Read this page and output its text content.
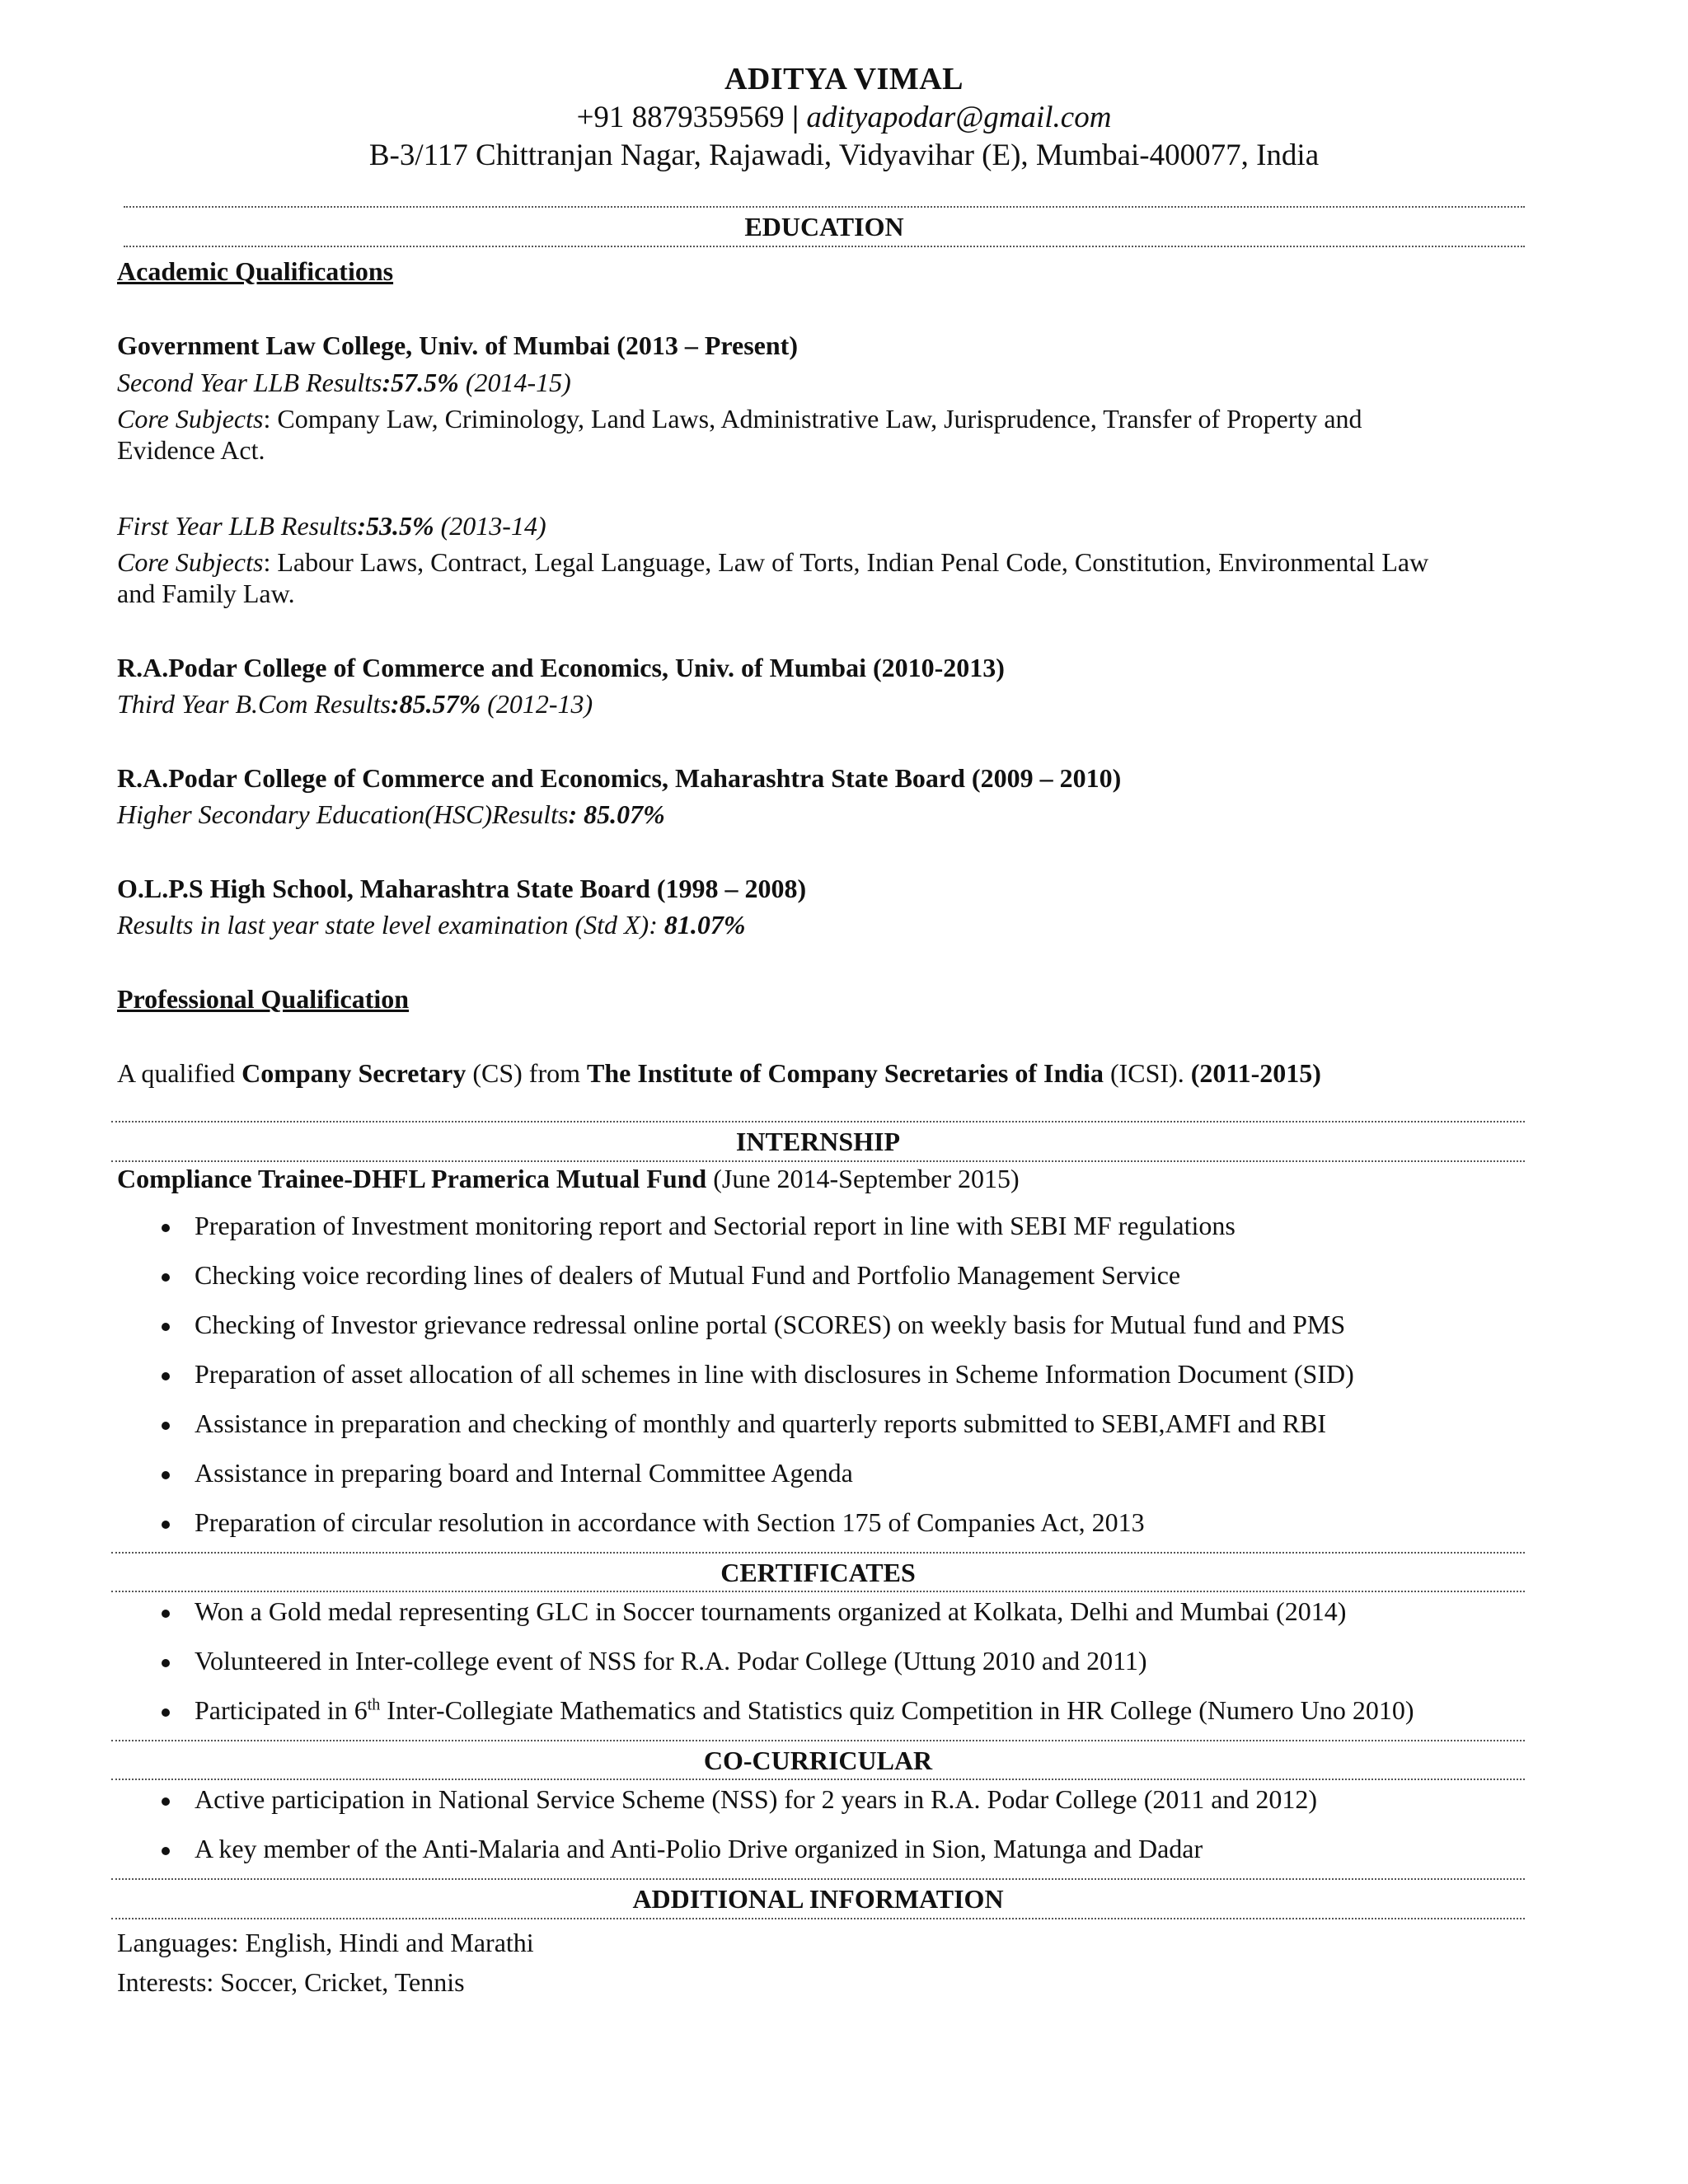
ADITYA VIMAL
+91 8879359569 | adityapodar@gmail.com
B-3/117 Chittranjan Nagar, Rajawadi, Vidyavihar (E), Mumbai-400077, India
EDUCATION
Academic Qualifications
Government Law College, Univ. of Mumbai (2013 – Present)
Second Year LLB Results:57.5% (2014-15)
Core Subjects: Company Law, Criminology, Land Laws, Administrative Law, Jurisprudence, Transfer of Property and
Evidence Act.
First Year LLB Results:53.5% (2013-14)
Core Subjects: Labour Laws, Contract, Legal Language, Law of Torts, Indian Penal Code, Constitution, Environmental Law
and Family Law.
R.A.Podar College of Commerce and Economics, Univ. of Mumbai (2010-2013)
Third Year B.Com Results:85.57% (2012-13)
R.A.Podar College of Commerce and Economics, Maharashtra State Board (2009 – 2010)
Higher Secondary Education(HSC)Results: 85.07%
O.L.P.S High School, Maharashtra State Board (1998 – 2008)
Results in last year state level examination (Std X): 81.07%
Professional Qualification
A qualified Company Secretary (CS) from The Institute of Company Secretaries of India (ICSI). (2011-2015)
INTERNSHIP
Compliance Trainee-DHFL Pramerica Mutual Fund (June 2014-September 2015)
Preparation of Investment monitoring report and Sectorial report in line with SEBI MF regulations
Checking voice recording lines of dealers of Mutual Fund and Portfolio Management Service
Checking of Investor grievance redressal online portal (SCORES) on weekly basis for Mutual fund and PMS
Preparation of asset allocation of all schemes in line with disclosures in Scheme Information Document (SID)
Assistance in preparation and checking of monthly and quarterly reports submitted to SEBI,AMFI and RBI
Assistance in preparing board and Internal Committee Agenda
Preparation of circular resolution in accordance with Section 175 of Companies Act, 2013
CERTIFICATES
Won a Gold medal representing GLC in Soccer tournaments organized at Kolkata, Delhi and Mumbai (2014)
Volunteered in Inter-college event of NSS for R.A. Podar College (Uttung 2010 and 2011)
Participated in 6th Inter-Collegiate Mathematics and Statistics quiz Competition in HR College (Numero Uno 2010)
CO-CURRICULAR
Active participation in National Service Scheme (NSS) for 2 years in R.A. Podar College (2011 and 2012)
A key member of the Anti-Malaria and Anti-Polio Drive organized in Sion, Matunga and Dadar
ADDITIONAL INFORMATION
Languages: English, Hindi and Marathi
Interests: Soccer, Cricket, Tennis
